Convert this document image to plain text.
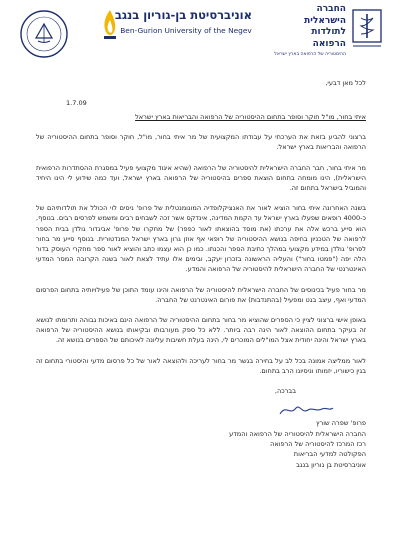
אוניברסיטת בן-גוריון בנגב
Ben-Gurion University of the Negev
החברה
הישראלית
לתולדות
הרפואה
ההיסטוריה של הרפואה בארץ ישראל
לכל מאן דבעי,
1.7.09

איתי בחור, מו"ל חוקר וסופר בתחום ההיסטוריה של הרפואה והבריאות בארץ ישראל

ברצוני להביע בזאת את הערכתי על עבודתו המקצועית של מר איתי בחור, מו"ל, חוקר וסופר בתחום ההיסטוריה של הרפואה והבריאות בארץ ישראל.

מר איתי בחור, חבר החברה הישראלית להיסטוריה של הרפואה (שהיא איגוד מקצועי פעיל במסגרת ההסתדרות הרפואית הישראלית), הינו מומחה בתחום הוצאת ספרים בהיסטוריה של הרפואה בארץ ישראל, ועד כמה שידוע לי הינו היחיד והמוביל בישראל בתחום זה.

בשנה האחרונה איתי בחור הוציא לאור את האנציקלופדיה המונומנטלית של פרופ' ניסים לוי הכולל את תולדותיהם של כ-4000 רופאים שפעלו בארץ ישראל עד הקמת המדינה, אינדקס אשר זכה לשבחים רבים ומשמש לפרסים רבים. בנוסף, הוא סייע ברכש אלה את ערכתו (את מוסד בהוצאתו לאור כפפר) של מחקרו של פרופ' אביגדור גולדן בבית הספר לרפואה של הטכניון בחיפה בנושא ההיסטוריה של רופאי אף אוזן גרון בארץ ישראל המנדטורית. בנוסף סייע מר בחור לפרופ' גולדן במידע מקצועי במהלך כתיבת הספר והכנתו. כמו כן הוא עצמו כתב והוציא לאור ספר מחקרי העוסק בדור הלה יפה ("פמטו בחור") והעליה הראשונה בזכרון יעקב, ובימים אלו עתיד לצאת לאור בשנה הקרובה המסר המדעי האינטרנטי של החברה הישראלית להיסטוריה של הרפואה והמדע.

מר בחור פעיל בכינוסים של החברה הישראלית להיסטוריה של הרפואה והינו עומד התוכן של פעילויותיה בתחום הפרסום המדעי ואף, עיצב בגט ומפעיל (בהתנדבות) את פורום האינטרנט של החברה.

באופן אישי ברצוני לציין כי הספרים שהוציא מר בחור בתחום ההיסטוריה של הרפואה הינם באיכות גבוהה ותרומתו לנושא זה בעיקר בתחום ההוצאה לאור הינה רבה ביותר. ללא כל ספק מעורבותו ובקיאותו בנושא ההיסטוריה של הרפואה בארץ ישראל והינה יחודית אצל המו"לים המוכרים לי, הינה בעלת חשיבות עליונה לאיכותם של הספרים בנושא זה.

לאור ממליצה אמונה בכל לב על בחירה בגשר מר בחור לעריכה ולהוצאה לאור של כל פרסום מדעי והיסטורי בתחום זה בגין כישוריו, יזמותו וניסיונו הרב בתחום.

בברכה,

פרופ' שפרה שורץ
החברה הישראלית להיסטוריה של הרפואה והמדע
רכז המרכז להיסטוריה של הרפואה
הפקולטה למדעי הבריאות
אוניברסיטת בן גוריון בנגב
